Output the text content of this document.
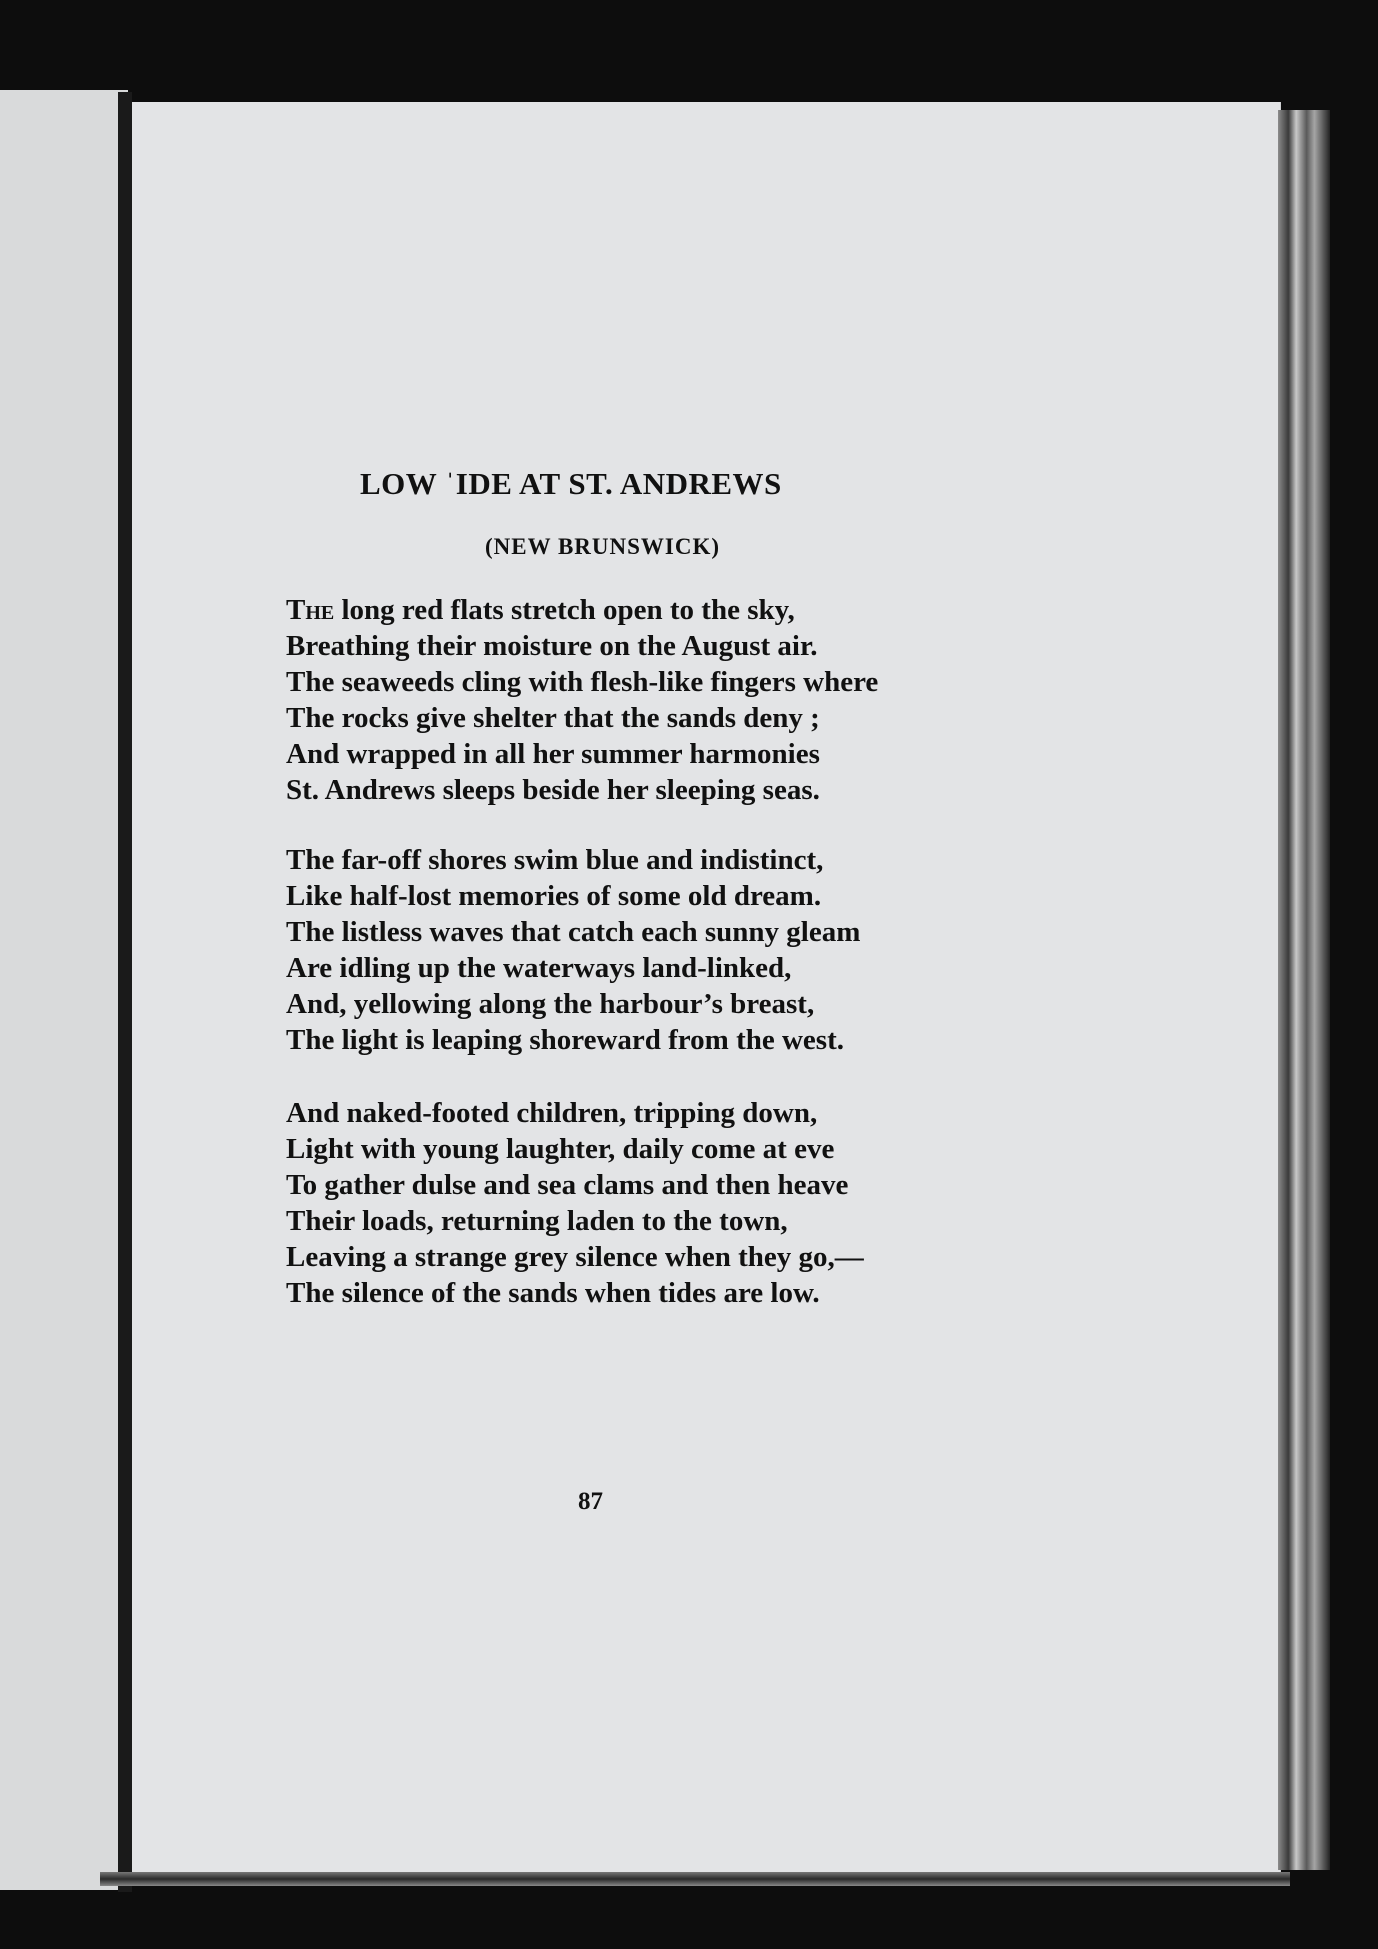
LOW ˈIDE AT ST. ANDREWS
(NEW BRUNSWICK)
The long red flats stretch open to the sky,
Breathing their moisture on the August air.
The seaweeds cling with flesh-like fingers where
The rocks give shelter that the sands deny ;
And wrapped in all her summer harmonies
St. Andrews sleeps beside her sleeping seas.
The far-off shores swim blue and indistinct,
Like half-lost memories of some old dream.
The listless waves that catch each sunny gleam
Are idling up the waterways land-linked,
And, yellowing along the harbour’s breast,
The light is leaping shoreward from the west.
And naked-footed children, tripping down,
Light with young laughter, daily come at eve
To gather dulse and sea clams and then heave
Their loads, returning laden to the town,
Leaving a strange grey silence when they go,—
The silence of the sands when tides are low.
87
